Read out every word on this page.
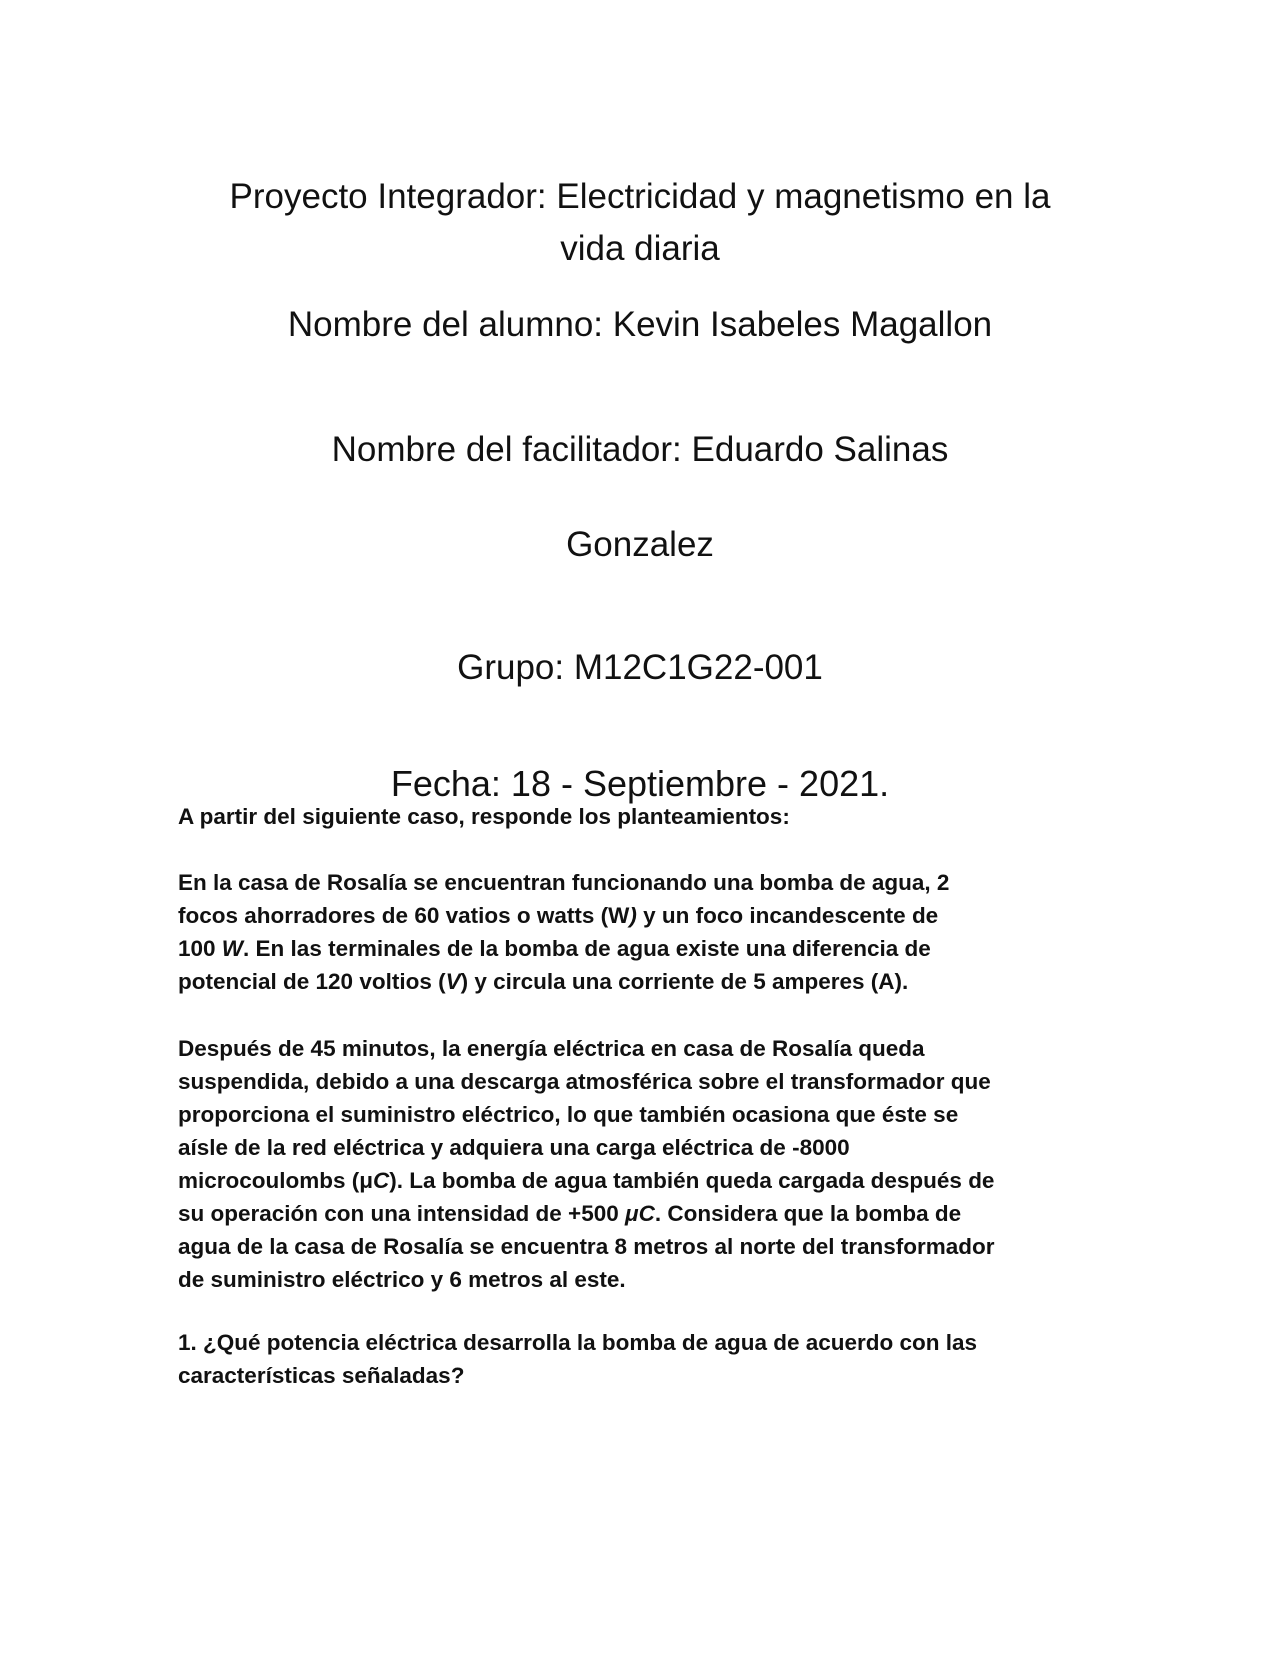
Proyecto Integrador: Electricidad y magnetismo en la

vida diaria

Nombre del alumno: Kevin Isabeles Magallon

Nombre del facilitador: Eduardo Salinas

Gonzalez

Grupo: M12C1G22-001

Fecha: 18 - Septiembre - 2021.

A partir del siguiente caso, responde los planteamientos:

En la casa de Rosalía se encuentran funcionando una bomba de agua, 2
focos ahorradores de 60 vatios o watts (W) y un foco incandescente de
100 W. En las terminales de la bomba de agua existe una diferencia de
potencial de 120 voltios (V) y circula una corriente de 5 amperes (A).

Después de 45 minutos, la energía eléctrica en casa de Rosalía queda
suspendida, debido a una descarga atmosférica sobre el transformador que
proporciona el suministro eléctrico, lo que también ocasiona que éste se
aísle de la red eléctrica y adquiera una carga eléctrica de -8000
microcoulombs (μC). La bomba de agua también queda cargada después de
su operación con una intensidad de +500 μC. Considera que la bomba de
agua de la casa de Rosalía se encuentra 8 metros al norte del transformador
de suministro eléctrico y 6 metros al este.

1. ¿Qué potencia eléctrica desarrolla la bomba de agua de acuerdo con las
características señaladas?
